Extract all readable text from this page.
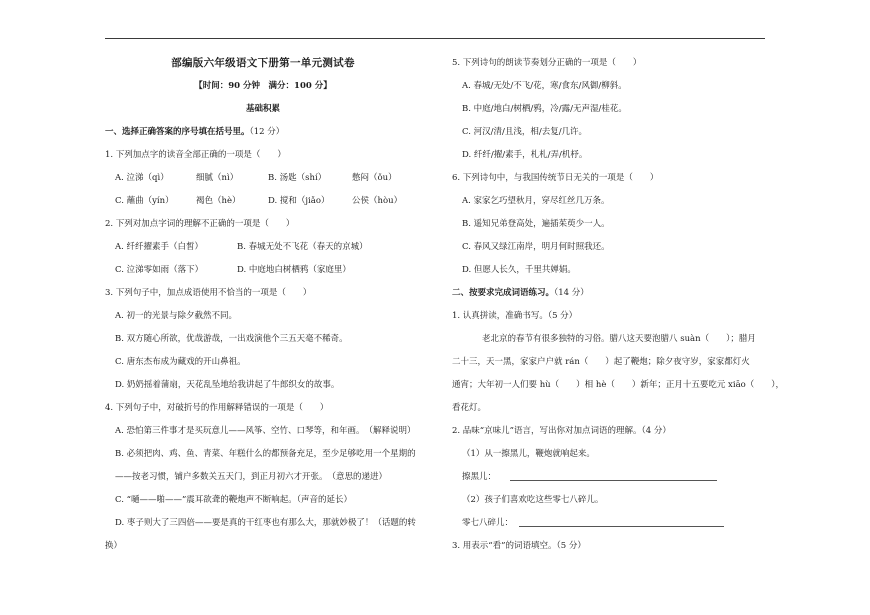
部编版六年级语文下册第一单元测试卷
【时间：90 分钟　满分：100 分】
基础积累
一、选择正确答案的序号填在括号里。（12 分）
1. 下列加点字的读音全部正确的一项是（　　）
A. 泣涕（qì）	细腻（nì）	B. 汤匙（shí）	憋闷（ǒu）
C. 蘸曲（yín）	褐色（hè）	D. 搅和（jiǎo）	公侯（hòu）
2. 下列对加点字词的理解不正确的一项是（　　）
A. 纤纤擢素手（白皙）	B. 春城无处不飞花（春天的京城）
C. 泣涕零如雨（落下）	D. 中庭地白树栖鸦（家庭里）
3. 下列句子中，加点成语使用不恰当的一项是（　　）
A. 初一的光景与除夕截然不同。
B. 双方随心所欲，优哉游哉，一出戏演他个三五天毫不稀奇。
C. 唐东杰布成为藏戏的开山鼻祖。
D. 奶奶摇着蒲扇，天花乱坠地给我讲起了牛郎织女的故事。
4. 下列句子中，对破折号的作用解释错误的一项是（　　）
A. 恐怕第三件事才是买玩意儿——风筝、空竹、口琴等，和年画。　（解释说明）
B. 必须把肉、鸡、鱼、青菜、年糕什么的都预备充足，至少足够吃用一个星期的
——按老习惯，铺户多数关五天门，到正月初六才开张。　（意思的递进）
C. “嗵——啪——”震耳欲聋的鞭炮声不断响起。（声音的延长）
D. 枣子则大了三四倍——要是真的干红枣也有那么大，那就妙极了！（话题的转
换）
5. 下列诗句的朗读节奏划分正确的一项是（　　）
A. 春城/无处/不飞/花，寒/食东/风御/柳斜。
B. 中庭/地白/树栖/鸦，冷/露/无声湿/桂花。
C. 河汉/清/且浅，相/去复/几许。
D. 纤纤/擢/素手，札札/弄/机杼。
6. 下列诗句中，与我国传统节日无关的一项是（　　）
A. 家家乞巧望秋月，穿尽红丝几万条。
B. 遥知兄弟登高处，遍插茱萸少一人。
C. 春风又绿江南岸，明月何时照我还。
D. 但愿人长久，千里共婵娟。
二、按要求完成词语练习。（14 分）
1. 认真拼读，准确书写。（5 分）
老北京的春节有很多独特的习俗。腊八这天要泡腊八 suàn（　　）；腊月
二十三，天一黑，家家户户就 rán（　　）起了鞭炮；除夕夜守岁，家家都灯火
通宵；大年初一人们要 hù（　　）相 hè（　　）新年；正月十五要吃元 xiāo（　　），
看花灯。
2. 品味“京味儿”语言，写出你对加点词语的理解。（4 分）
（1）从一擦黑儿，鞭炮就响起来。
擦黑儿：
（2）孩子们喜欢吃这些零七八碎儿。
零七八碎儿：
3. 用表示“看”的词语填空。（5 分）
